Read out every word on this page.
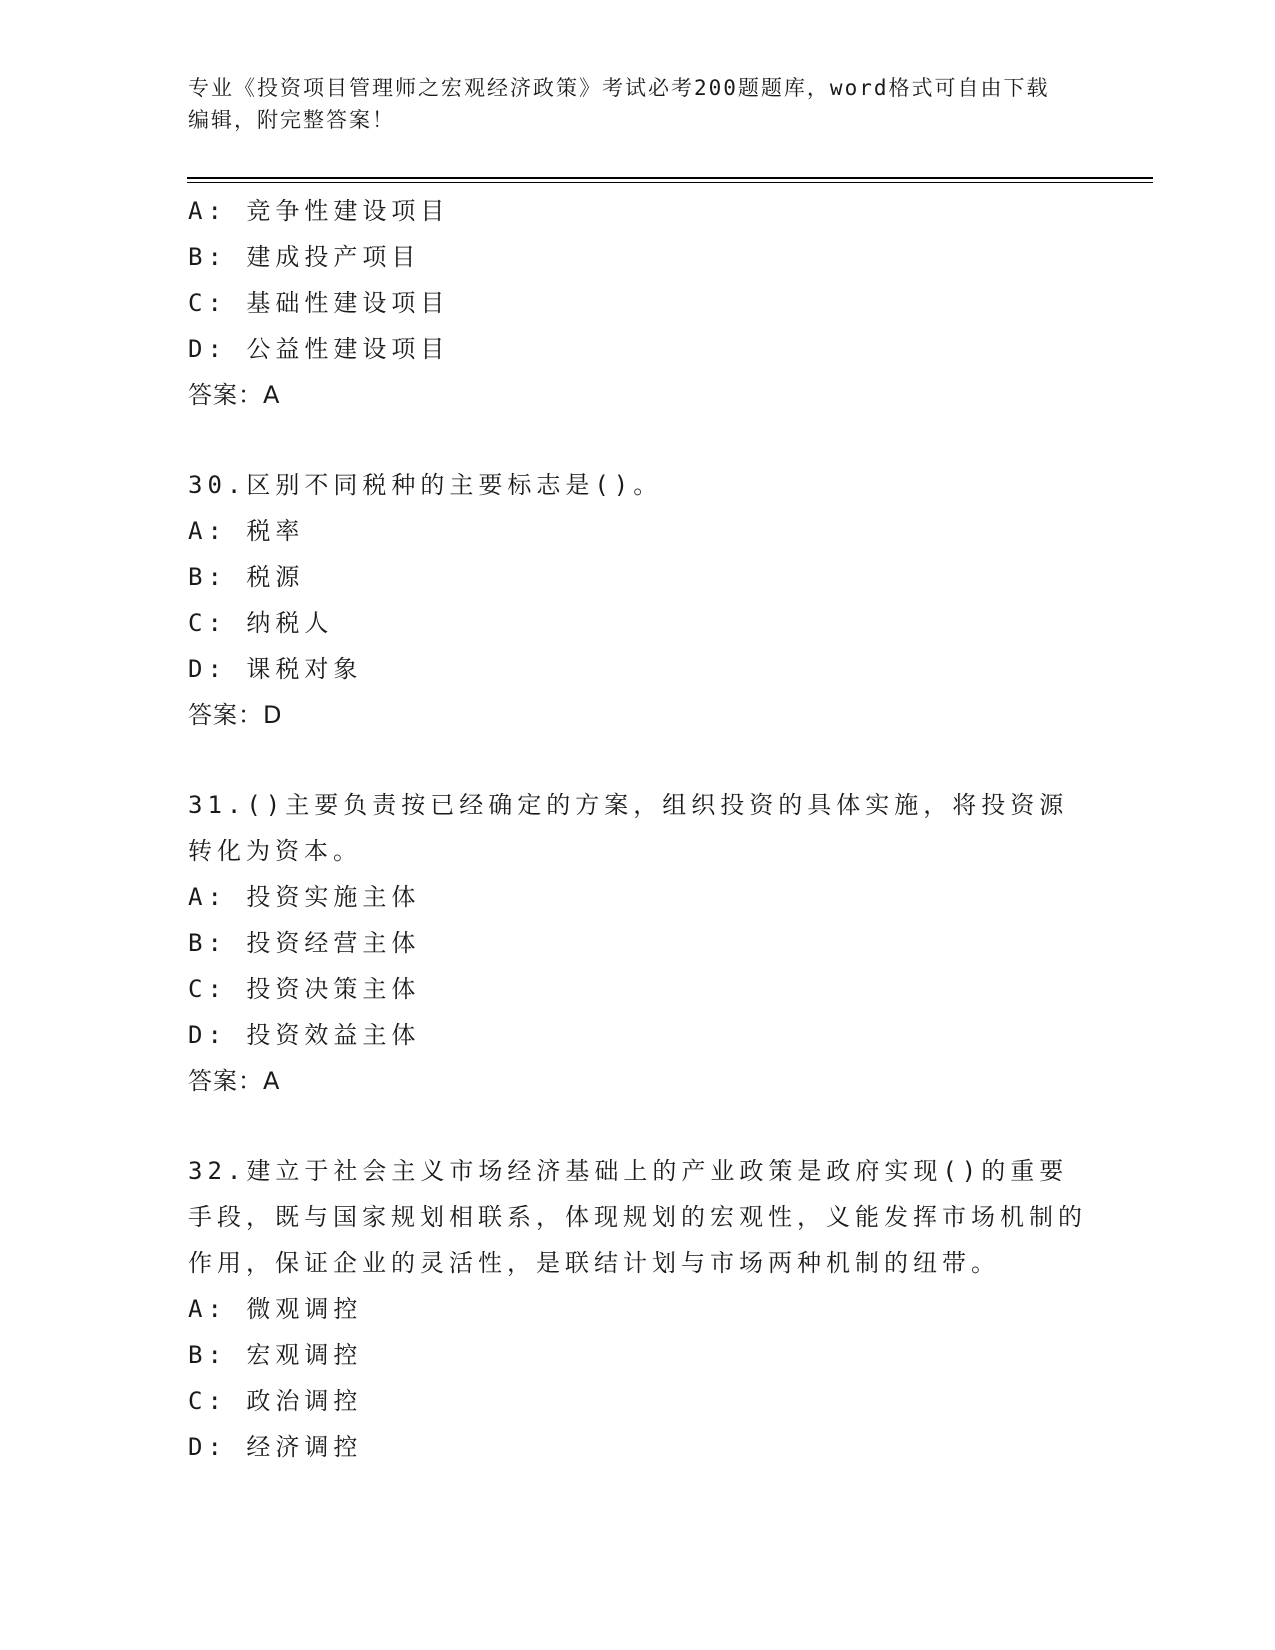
专业《投资项目管理师之宏观经济政策》考试必考200题题库，word格式可自由下载编辑，附完整答案！
A: 竞争性建设项目
B: 建成投产项目
C: 基础性建设项目
D: 公益性建设项目
答案：A
30.区别不同税种的主要标志是()。
A: 税率
B: 税源
C: 纳税人
D: 课税对象
答案：D
31.()主要负责按已经确定的方案，组织投资的具体实施，将投资源转化为资本。
A: 投资实施主体
B: 投资经营主体
C: 投资决策主体
D: 投资效益主体
答案：A
32.建立于社会主义市场经济基础上的产业政策是政府实现()的重要手段，既与国家规划相联系，体现规划的宏观性，义能发挥市场机制的作用，保证企业的灵活性，是联结计划与市场两种机制的纽带。
A: 微观调控
B: 宏观调控
C: 政治调控
D: 经济调控
